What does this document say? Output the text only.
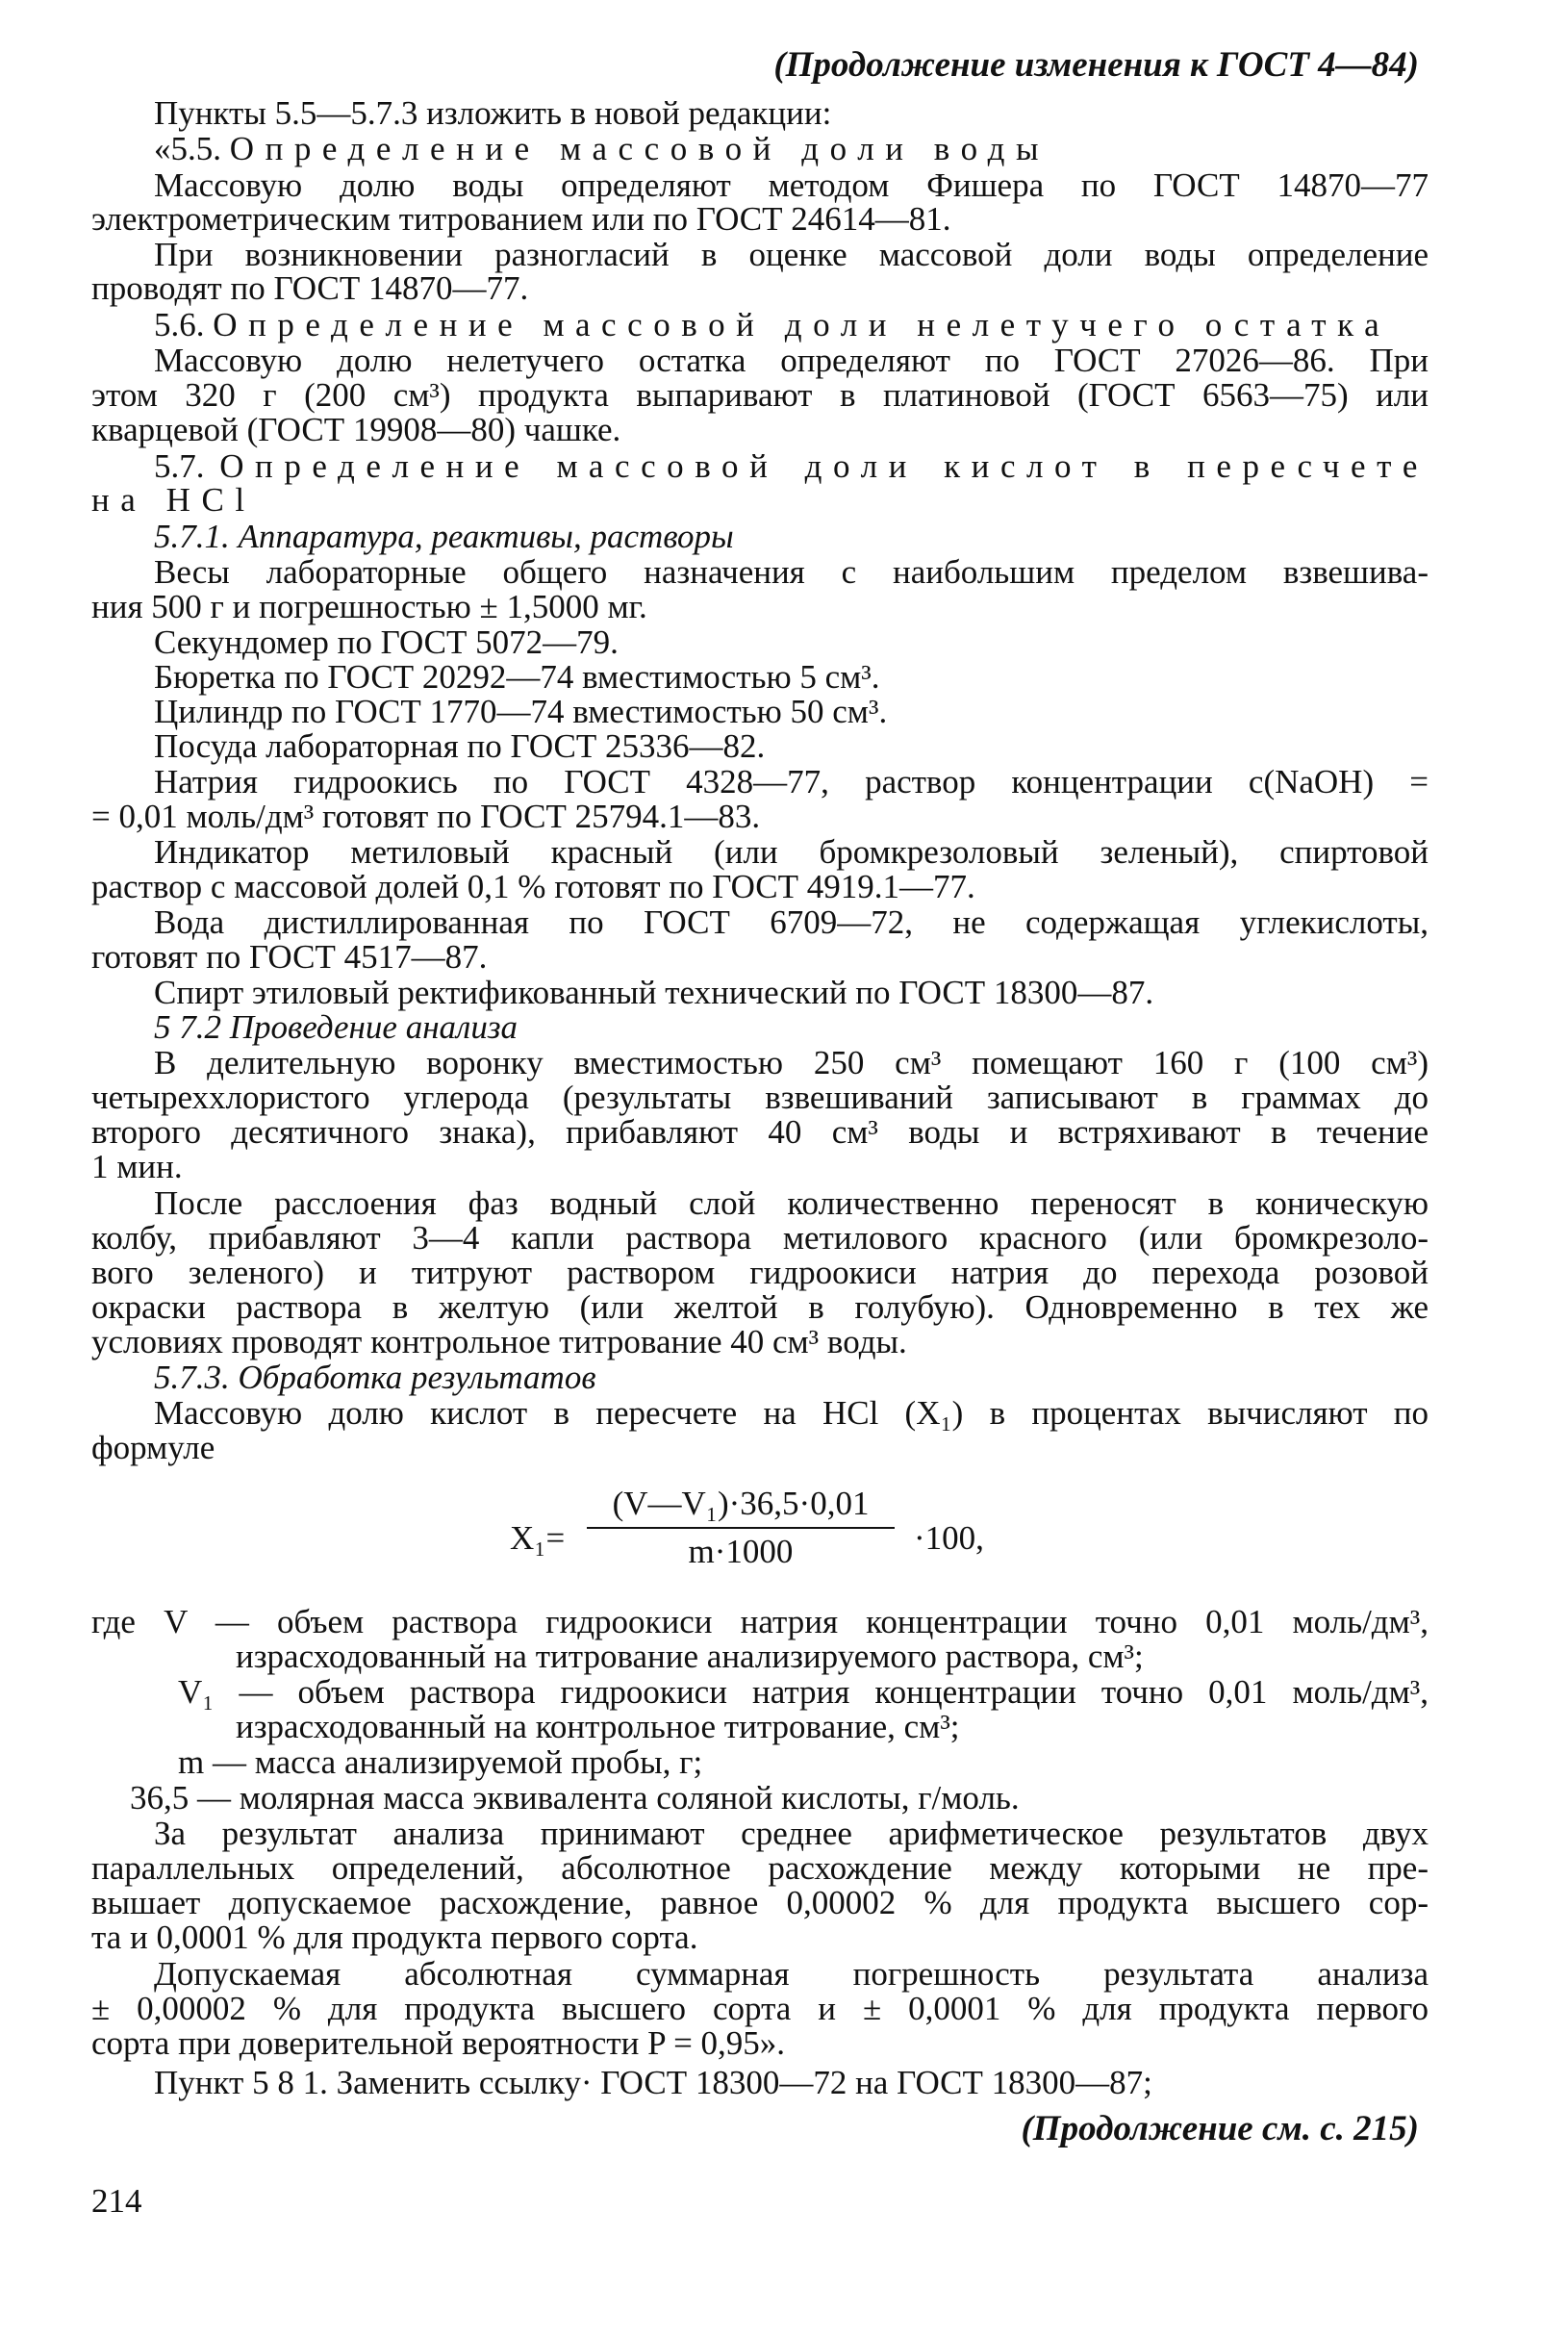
(Продолжение изменения к ГОСТ 4—84)
Пункты 5.5—5.7.3 изложить в новой редакции:
«5.5. Определение массовой доли воды
Массовую долю воды определяют методом Фишера по ГОСТ 14870—77
электрометрическим титрованием или по ГОСТ 24614—81.
При возникновении разногласий в оценке массовой доли воды определение
проводят по ГОСТ 14870—77.
5.6. Определение массовой доли нелетучего остатка
Массовую долю нелетучего остатка определяют по ГОСТ 27026—86. При
этом 320 г (200 см³) продукта выпаривают в платиновой (ГОСТ 6563—75) или
кварцевой (ГОСТ 19908—80) чашке.
5.7. Определение массовой доли кислот в пересчете
на HCl
5.7.1. Аппаратура, реактивы, растворы
Весы лабораторные общего назначения с наибольшим пределом взвешива-
ния 500 г и погрешностью ± 1,5000 мг.
Секундомер по ГОСТ 5072—79.
Бюретка по ГОСТ 20292—74 вместимостью 5 см³.
Цилиндр по ГОСТ 1770—74 вместимостью 50 см³.
Посуда лабораторная по ГОСТ 25336—82.
Натрия гидроокись по ГОСТ 4328—77, раствор концентрации с(NaOH) =
= 0,01 моль/дм³ готовят по ГОСТ 25794.1—83.
Индикатор метиловый красный (или бромкрезоловый зеленый), спиртовой
раствор с массовой долей 0,1 % готовят по ГОСТ 4919.1—77.
Вода дистиллированная по ГОСТ 6709—72, не содержащая углекислоты,
готовят по ГОСТ 4517—87.
Спирт этиловый ректификованный технический по ГОСТ 18300—87.
5 7.2 Проведение анализа
В делительную воронку вместимостью 250 см³ помещают 160 г (100 см³)
четыреххлористого углерода (результаты взвешиваний записывают в граммах до
второго десятичного знака), прибавляют 40 см³ воды и встряхивают в течение
1 мин.
После расслоения фаз водный слой количественно переносят в коническую
колбу, прибавляют 3—4 капли раствора метилового красного (или бромкрезоло-
вого зеленого) и титруют раствором гидроокиси натрия до перехода розовой
окраски раствора в желтую (или желтой в голубую). Одновременно в тех же
условиях проводят контрольное титрование 40 см³ воды.
5.7.3. Обработка результатов
Массовую долю кислот в пересчете на HCl (X₁) в процентах вычисляют по
формуле
X₁=
(V—V₁)·36,5·0,01
m·1000	·100,
где V — объем раствора гидроокиси натрия концентрации точно 0,01 моль/дм³,
израсходованный на титрование анализируемого раствора, см³;
V₁ — объем раствора гидроокиси натрия концентрации точно 0,01 моль/дм³,
израсходованный на контрольное титрование, см³;
m — масса анализируемой пробы, г;
36,5 — молярная масса эквивалента соляной кислоты, г/моль.
За результат анализа принимают среднее арифметическое результатов двух
параллельных определений, абсолютное расхождение между которыми не пре-
вышает допускаемое расхождение, равное 0,00002 % для продукта высшего сор-
та и 0,0001 % для продукта первого сорта.
Допускаемая абсолютная суммарная погрешность результата анализа
± 0,00002 % для продукта высшего сорта и ± 0,0001 % для продукта первого
сорта при доверительной вероятности P = 0,95».
Пункт 5 8 1. Заменить ссылку· ГОСТ 18300—72 на ГОСТ 18300—87;
(Продолжение см. с. 215)
214
